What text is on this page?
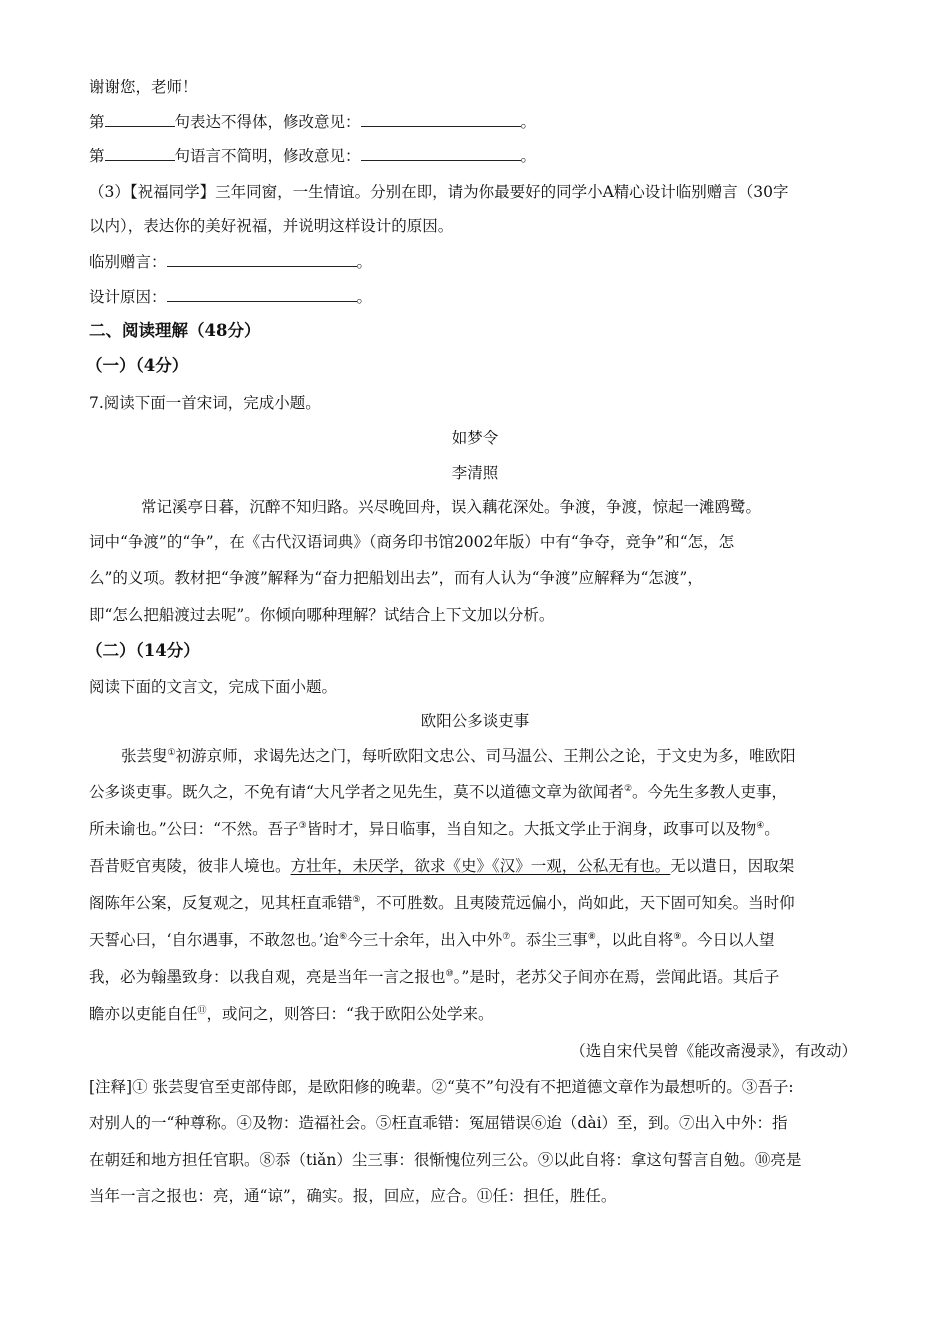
谢谢您，老师！
第	句表达不得体，修改意见：	。
第	句语言不简明，修改意见：	。
（3）【祝福同学】三年同窗，一生情谊。分别在即，请为你最要好的同学小A精心设计临别赠言（30字
以内），表达你的美好祝福，并说明这样设计的原因。
临别赠言：	。
设计原因：	。
二、阅读理解（48分）
（一）（4分）
7.阅读下面一首宋词，完成小题。
如梦令
李清照
常记溪亭日暮，沉醉不知归路。兴尽晚回舟，误入藕花深处。争渡，争渡，惊起一滩鸥鹭。
词中“争渡”的“争”，在《古代汉语词典》（商务印书馆2002年版）中有“争夺，竞争”和“怎，怎
么”的义项。教材把“争渡”解释为“奋力把船划出去”，而有人认为“争渡”应解释为“怎渡”，
即“怎么把船渡过去呢”。你倾向哪种理解？试结合上下文加以分析。
（二）（14分）
阅读下面的文言文，完成下面小题。
欧阳公多谈吏事
张芸叟①初游京师，求谒先达之门，每听欧阳文忠公、司马温公、王荆公之论，于文史为多，唯欧阳
公多谈吏事。既久之，不免有请“大凡学者之见先生，莫不以道德文章为欲闻者②。今先生多教人吏事，
所未谕也。”公曰：“不然。吾子③皆时才，异日临事，当自知之。大抵文学止于润身，政事可以及物④。
吾昔贬官夷陵，彼非人境也。方壮年，未厌学，欲求《史》《汉》一观，公私无有也。无以遣日，因取架
阁陈年公案，反复观之，见其枉直乖错⑤，不可胜数。且夷陵荒远偏小，尚如此，天下固可知矣。当时仰
天誓心曰，‘自尔遇事，不敢忽也。’迨⑥今三十余年，出入中外⑦。忝尘三事⑧，以此自将⑨。今日以人望
我，必为翰墨致身：以我自观，亮是当年一言之报也⑩。”是时，老苏父子间亦在焉，尝闻此语。其后子
瞻亦以吏能自任⑪，或问之，则答曰：“我于欧阳公处学来。
（选自宋代吴曾《能改斋漫录》，有改动）
[注释]① 张芸叟官至吏部侍郎，是欧阳修的晚辈。②“莫不”句没有不把道德文章作为最想听的。③吾子:
对别人的一“种尊称。④及物：造福社会。⑤枉直乖错：冤屈错误⑥迨（dài）至，到。⑦出入中外：指
在朝廷和地方担任官职。⑧忝（tiǎn）尘三事：很惭愧位列三公。⑨以此自将：拿这句誓言自勉。⑩亮是
当年一言之报也：亮，通“谅”，确实。报，回应，应合。⑪任：担任，胜任。
